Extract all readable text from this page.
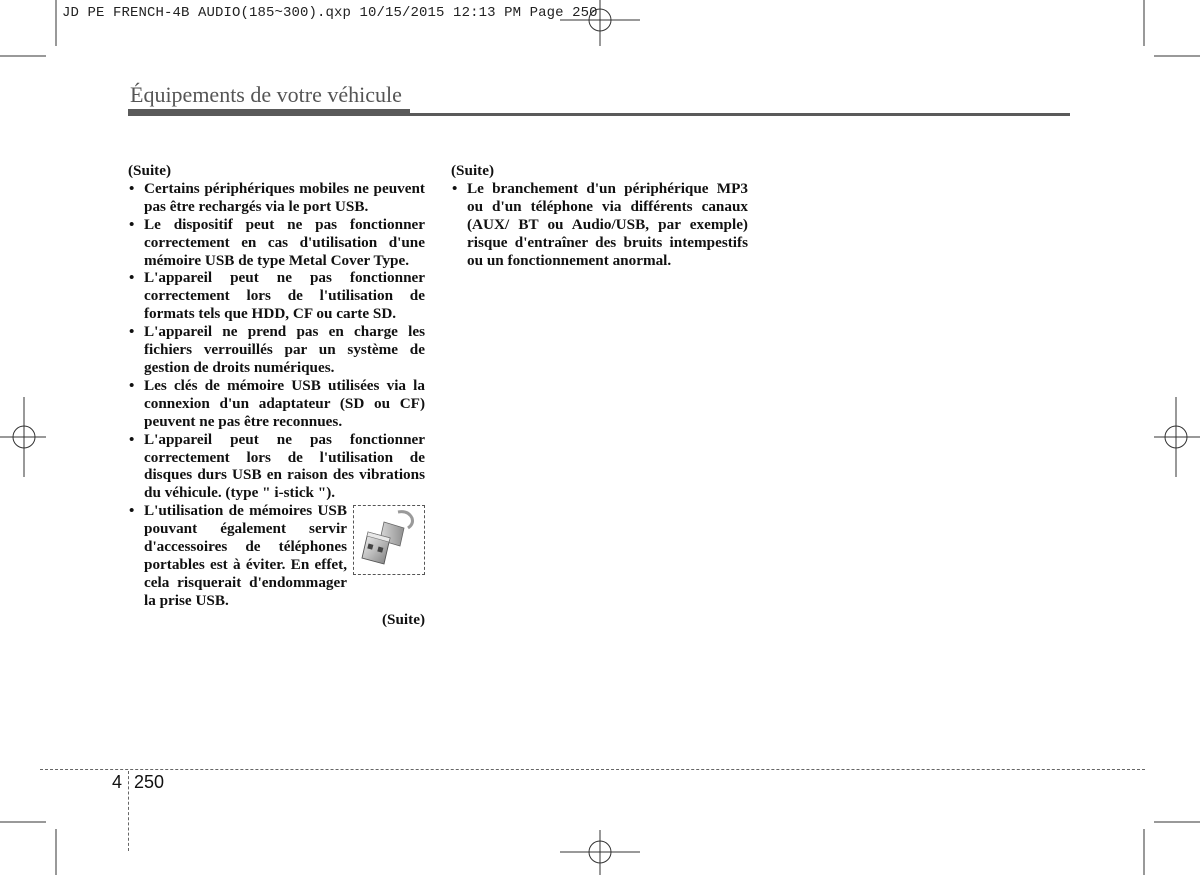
JD PE FRENCH-4B AUDIO(185~300).qxp 10/15/2015 12:13 PM Page 250
Équipements de votre véhicule
(Suite)
• Certains périphériques mobiles ne peuvent pas être rechargés via le port USB.
• Le dispositif peut ne pas fonctionner correctement en cas d'utilisation d'une mémoire USB de type Metal Cover Type.
• L'appareil peut ne pas fonctionner correctement lors de l'utilisation de formats tels que HDD, CF ou carte SD.
• L'appareil ne prend pas en charge les fichiers verrouillés par un système de gestion de droits numériques.
• Les clés de mémoire USB utilisées via la connexion d'un adaptateur (SD ou CF) peuvent ne pas être reconnues.
• L'appareil peut ne pas fonctionner correctement lors de l'utilisation de disques durs USB en raison des vibrations du véhicule. (type " i-stick ").
• L'utilisation de mémoires USB pouvant également servir d'accessoires de téléphones portables est à éviter. En effet, cela risquerait d'endommager la prise USB.
(Suite)
(Suite)
• Le branchement d'un périphérique MP3 ou d'un téléphone via différents canaux (AUX/ BT ou Audio/USB, par exemple) risque d'entraîner des bruits intempestifs ou un fonctionnement anormal.
4 250
